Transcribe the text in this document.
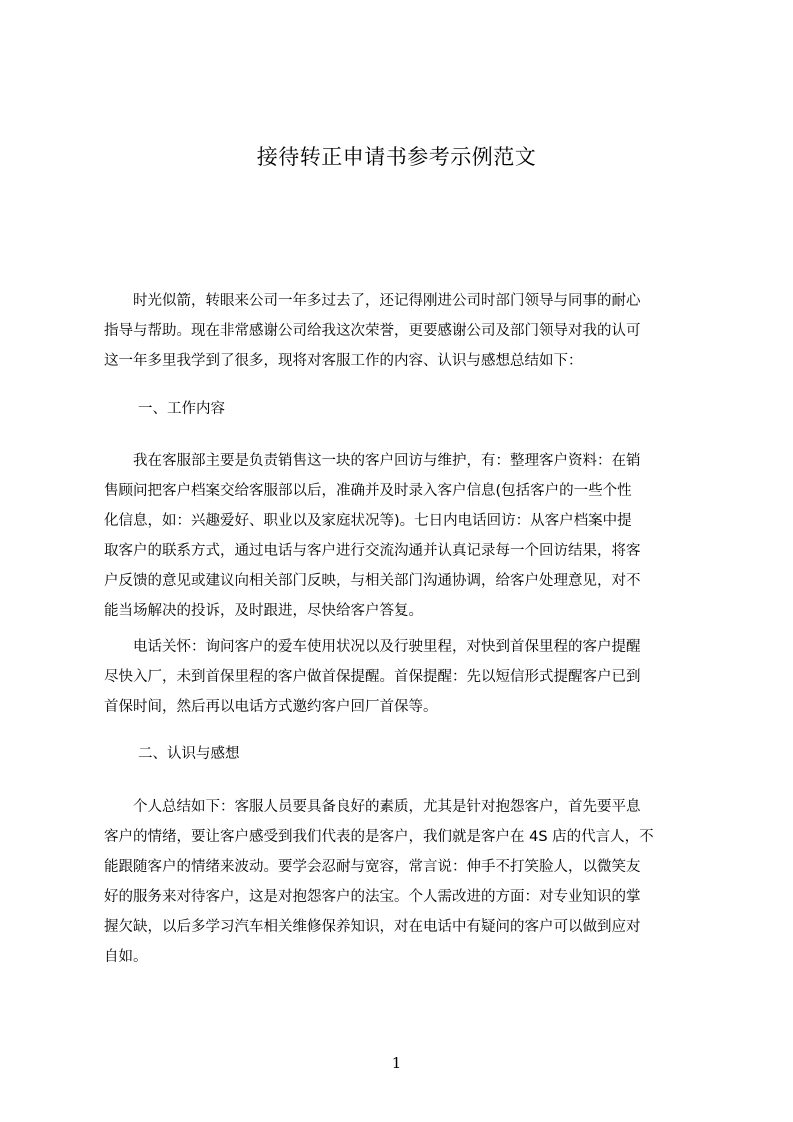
接待转正申请书参考示例范文
　　时光似箭，转眼来公司一年多过去了，还记得刚进公司时部门领导与同事的耐心
指导与帮助。现在非常感谢公司给我这次荣誉，更要感谢公司及部门领导对我的认可
这一年多里我学到了很多，现将对客服工作的内容、认识与感想总结如下：
一、工作内容
　　我在客服部主要是负责销售这一块的客户回访与维护，有：整理客户资料：在销
售顾问把客户档案交给客服部以后，准确并及时录入客户信息(包括客户的一些个性
化信息，如：兴趣爱好、职业以及家庭状况等)。七日内电话回访：从客户档案中提
取客户的联系方式，通过电话与客户进行交流沟通并认真记录每一个回访结果，将客
户反馈的意见或建议向相关部门反映，与相关部门沟通协调，给客户处理意见，对不
能当场解决的投诉，及时跟进，尽快给客户答复。
　　电话关怀：询问客户的爱车使用状况以及行驶里程，对快到首保里程的客户提醒
尽快入厂，未到首保里程的客户做首保提醒。首保提醒：先以短信形式提醒客户已到
首保时间，然后再以电话方式邀约客户回厂首保等。
二、认识与感想
　　个人总结如下：客服人员要具备良好的素质，尤其是针对抱怨客户，首先要平息
客户的情绪，要让客户感受到我们代表的是客户，我们就是客户在 4S 店的代言人，不
能跟随客户的情绪来波动。要学会忍耐与宽容，常言说：伸手不打笑脸人，以微笑友
好的服务来对待客户，这是对抱怨客户的法宝。个人需改进的方面：对专业知识的掌
握欠缺，以后多学习汽车相关维修保养知识，对在电话中有疑问的客户可以做到应对
自如。
1
